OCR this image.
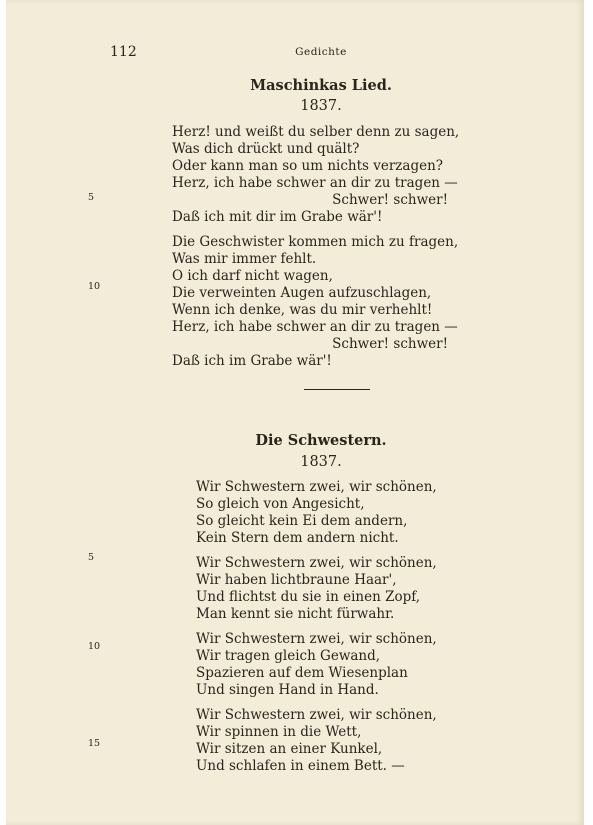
112	Gedichte
Maschinkas Lied.
1837.
Herz! und weißt du selber denn zu sagen,
Was dich drückt und quält?
Oder kann man so um nichts verzagen?
Herz, ich habe schwer an dir zu tragen —
Schwer! schwer!
Daß ich mit dir im Grabe wär'!
Die Geschwister kommen mich zu fragen,
Was mir immer fehlt.
O ich darf nicht wagen,
Die verweinten Augen aufzuschlagen,
Wenn ich denke, was du mir verhehlt!
Herz, ich habe schwer an dir zu tragen —
Schwer! schwer!
Daß ich im Grabe wär'!
5
10
Die Schwestern.
1837.
Wir Schwestern zwei, wir schönen,
So gleich von Angesicht,
So gleicht kein Ei dem andern,
Kein Stern dem andern nicht.
Wir Schwestern zwei, wir schönen,
Wir haben lichtbraune Haar',
Und flichtst du sie in einen Zopf,
Man kennt sie nicht fürwahr.
Wir Schwestern zwei, wir schönen,
Wir tragen gleich Gewand,
Spazieren auf dem Wiesenplan
Und singen Hand in Hand.
Wir Schwestern zwei, wir schönen,
Wir spinnen in die Wett,
Wir sitzen an einer Kunkel,
Und schlafen in einem Bett. —
5
10
15
